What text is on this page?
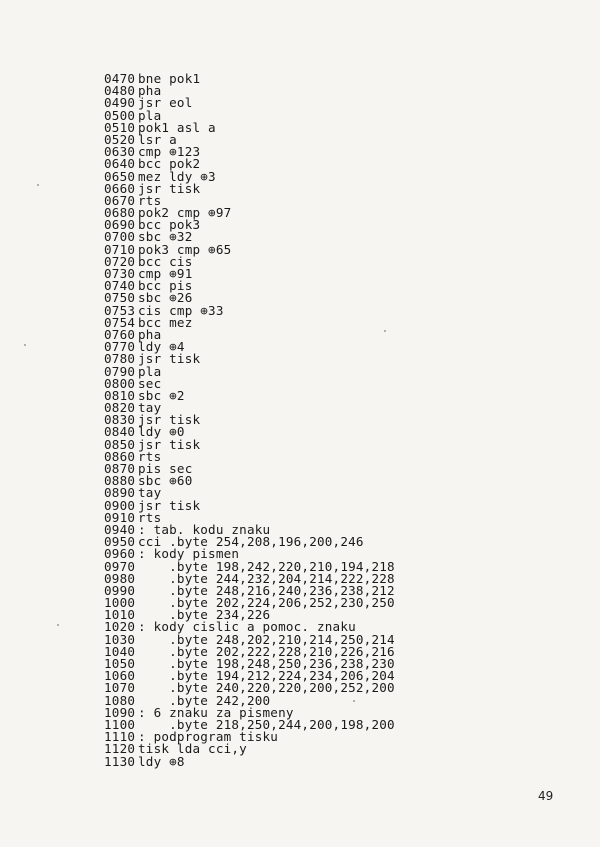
0470 bne pok1
0480 pha
0490 jsr eol
0500 pla
0510 pok1 asl a
0520 lsr a
0630 cmp ⊕123
0640 bcc pok2
0650 mez ldy ⊕3
0660 jsr tisk
0670 rts
0680 pok2 cmp ⊕97
0690 bcc pok3
0700 sbc ⊕32
0710 pok3 cmp ⊕65
0720 bcc cis
0730 cmp ⊕91
0740 bcc pis
0750 sbc ⊕26
0753 cis cmp ⊕33
0754 bcc mez
0760 pha
0770 ldy ⊕4
0780 jsr tisk
0790 pla
0800 sec
0810 sbc ⊕2
0820 tay
0830 jsr tisk
0840 ldy ⊕0
0850 jsr tisk
0860 rts
0870 pis sec
0880 sbc ⊕60
0890 tay
0900 jsr tisk
0910 rts
0940 : tab. kodu znaku
0950 cci .byte 254,208,196,200,246
0960 : kody pismen
0970    .byte 198,242,220,210,194,218
0980    .byte 244,232,204,214,222,228
0990    .byte 248,216,240,236,238,212
1000    .byte 202,224,206,252,230,250
1010    .byte 234,226
1020 : kody cislic a pomoc. znaku
1030    .byte 248,202,210,214,250,214
1040    .byte 202,222,228,210,226,216
1050    .byte 198,248,250,236,238,230
1060    .byte 194,212,224,234,206,204
1070    .byte 240,220,220,200,252,200
1080    .byte 242,200
1090 : 6 znaku za pismeny
1100    .byte 218,250,244,200,198,200
1110 : podprogram tisku
1120 tisk lda cci,y
1130 ldy ⊕8
49
